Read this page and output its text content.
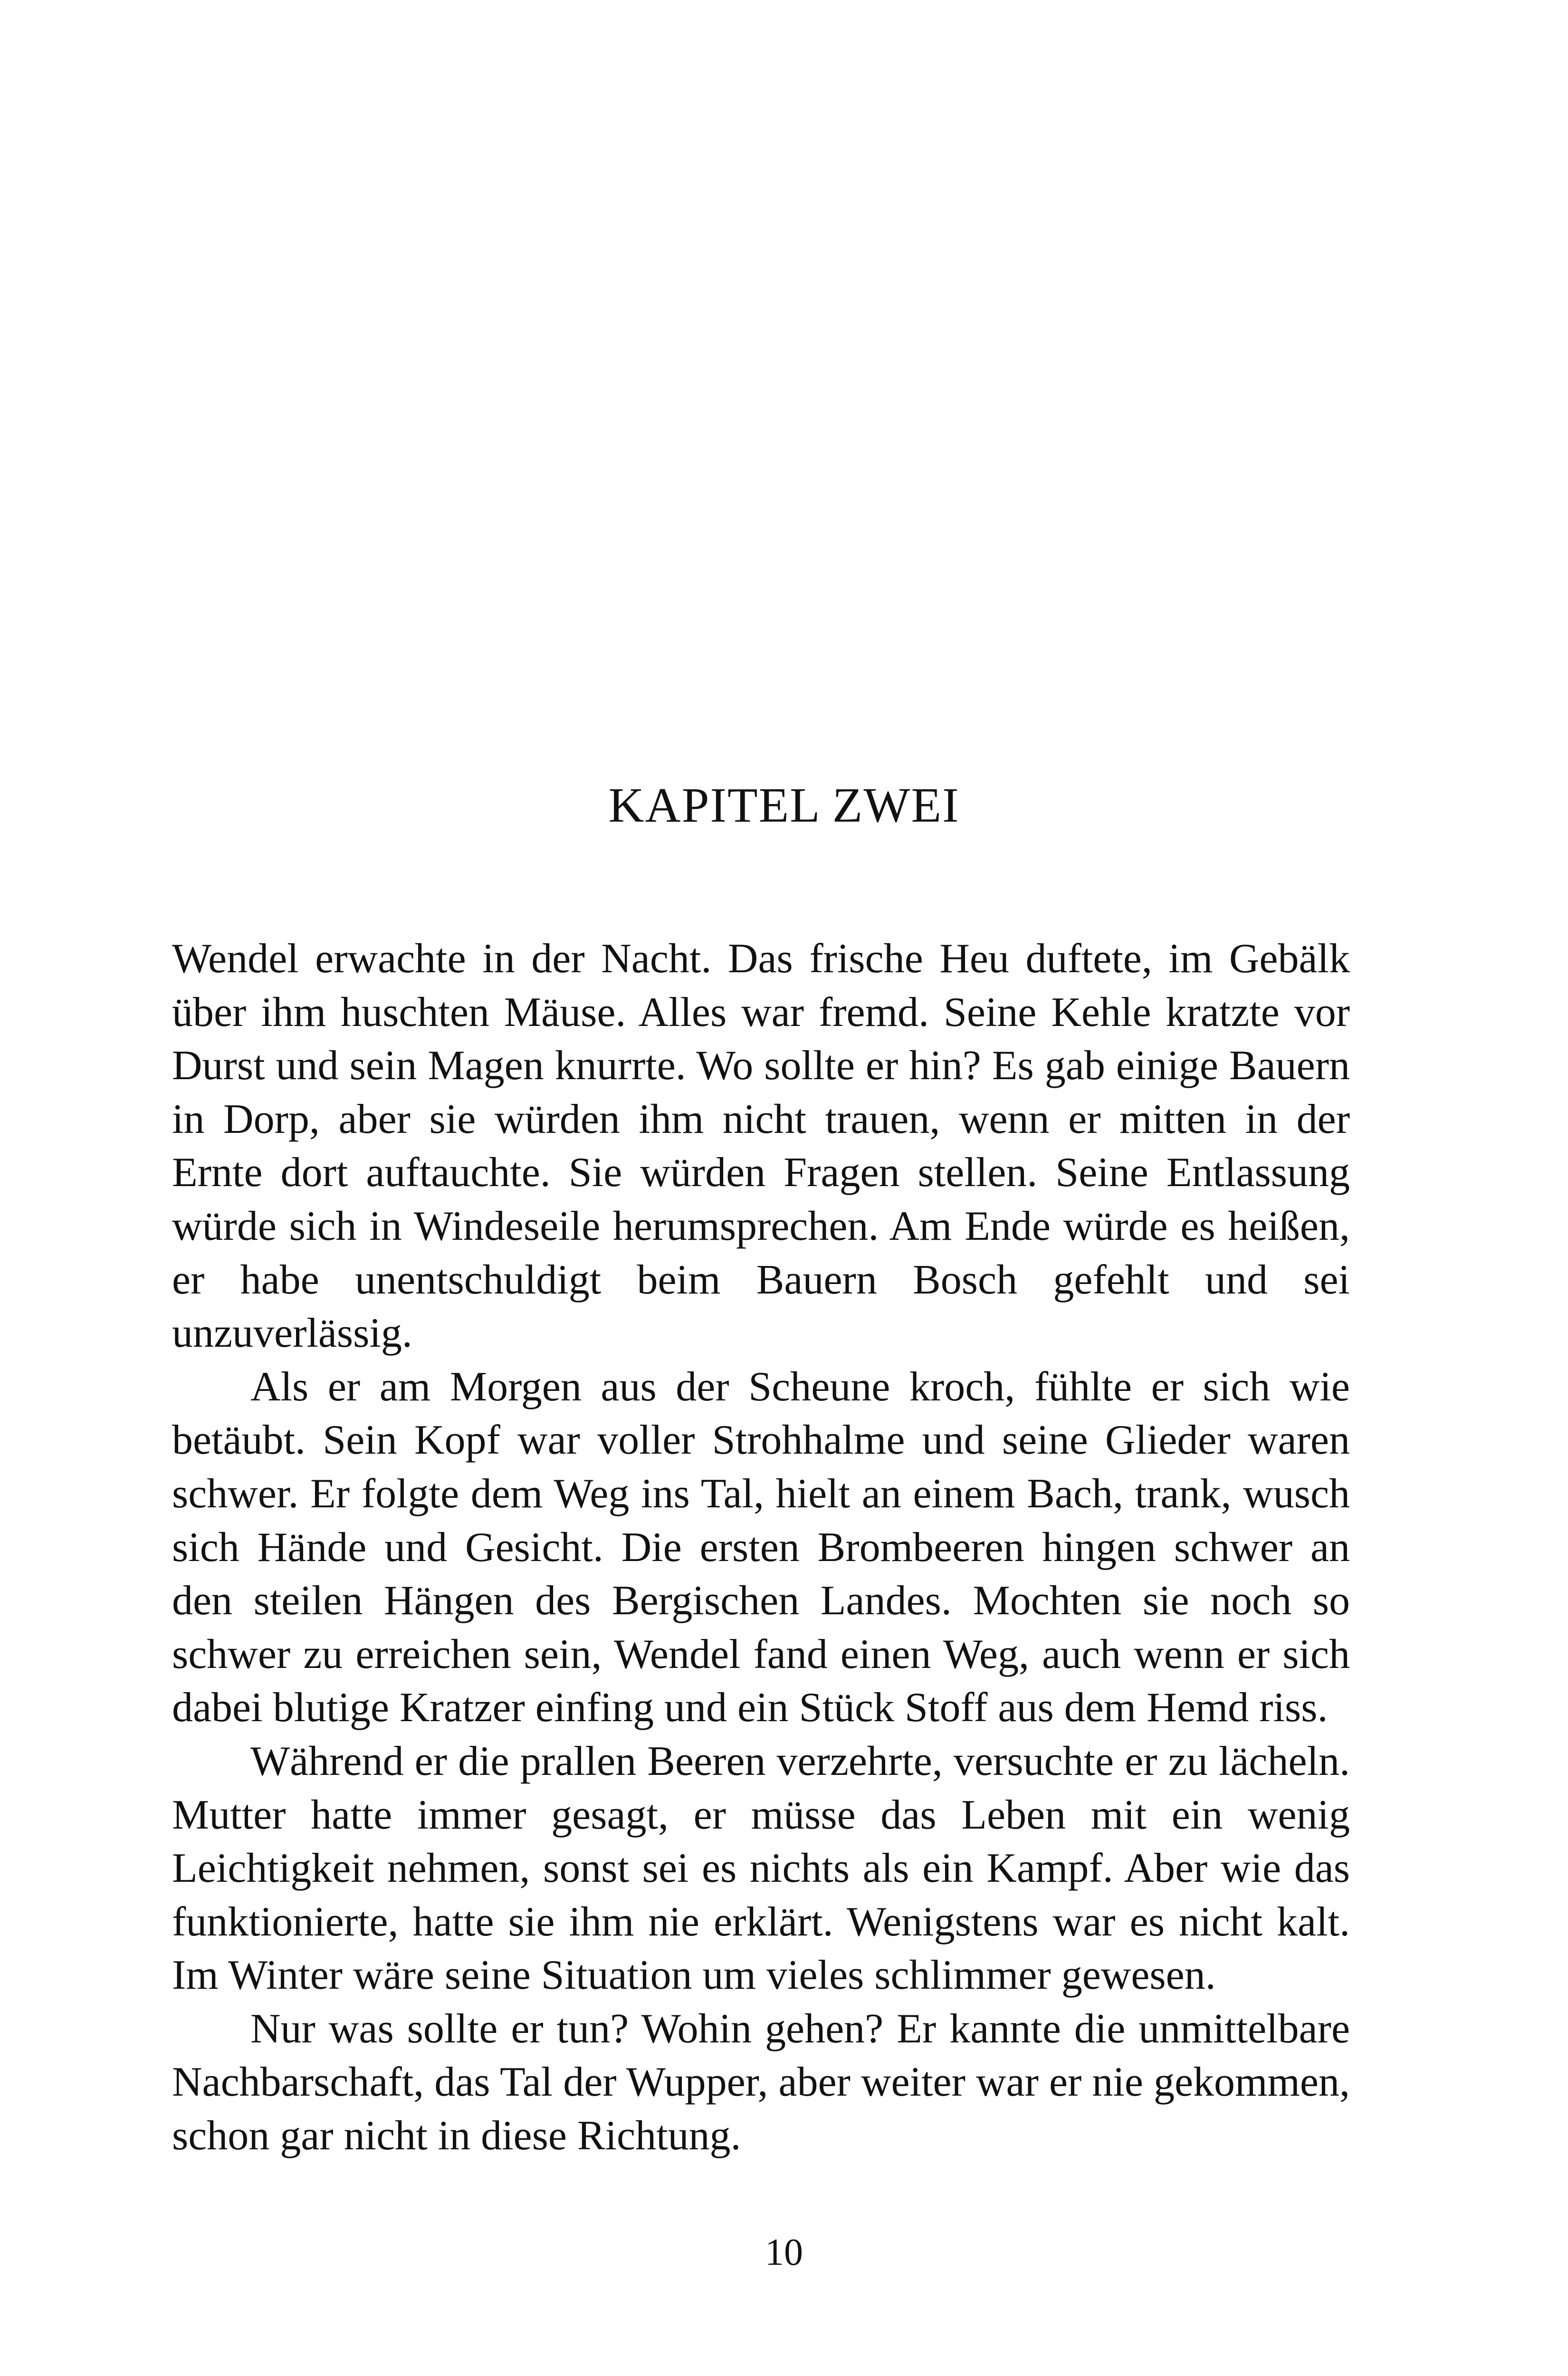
KAPITEL ZWEI

Wendel erwachte in der Nacht. Das frische Heu duftete, im Gebälk über ihm huschten Mäuse. Alles war fremd. Seine Kehle kratzte vor Durst und sein Magen knurrte. Wo sollte er hin? Es gab einige Bauern in Dorp, aber sie würden ihm nicht trauen, wenn er mitten in der Ernte dort auftauchte. Sie würden Fragen stellen. Seine Entlassung würde sich in Windeseile herumsprechen. Am Ende würde es heißen, er habe unentschuldigt beim Bauern Bosch gefehlt und sei unzuverlässig.

Als er am Morgen aus der Scheune kroch, fühlte er sich wie betäubt. Sein Kopf war voller Strohhalme und seine Glieder waren schwer. Er folgte dem Weg ins Tal, hielt an einem Bach, trank, wusch sich Hände und Gesicht. Die ersten Brombeeren hingen schwer an den steilen Hängen des Bergischen Landes. Mochten sie noch so schwer zu erreichen sein, Wendel fand einen Weg, auch wenn er sich dabei blutige Kratzer einfing und ein Stück Stoff aus dem Hemd riss.

Während er die prallen Beeren verzehrte, versuchte er zu lächeln. Mutter hatte immer gesagt, er müsse das Leben mit ein wenig Leichtigkeit nehmen, sonst sei es nichts als ein Kampf. Aber wie das funktionierte, hatte sie ihm nie erklärt. Wenigstens war es nicht kalt. Im Winter wäre seine Situation um vieles schlimmer gewesen.

Nur was sollte er tun? Wohin gehen? Er kannte die unmittelbare Nachbarschaft, das Tal der Wupper, aber weiter war er nie gekommen, schon gar nicht in diese Richtung.

10
